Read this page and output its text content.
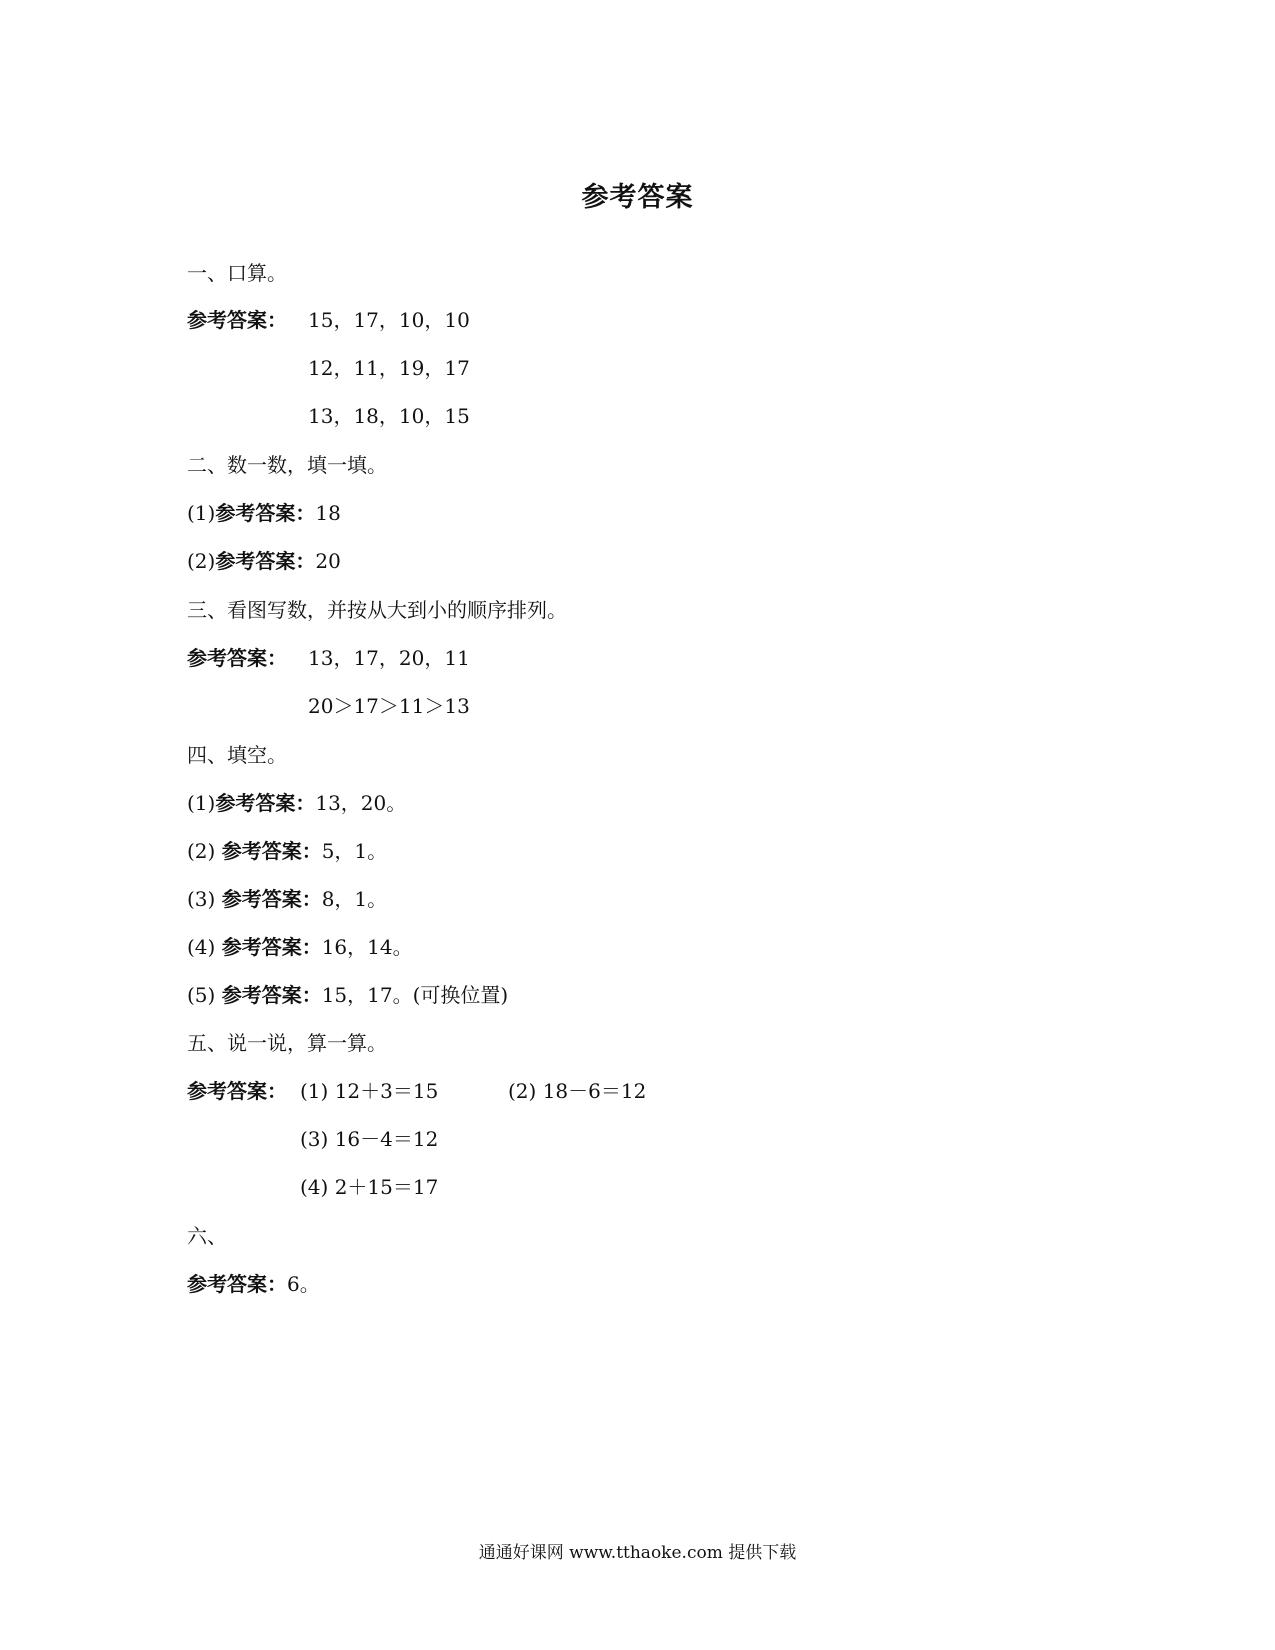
参考答案
一、口算。
参考答案： 15，17，10，10
12，11，19，17
13，18，10，15
二、数一数，填一填。
(1)参考答案：18
(2)参考答案：20
三、看图写数，并按从大到小的顺序排列。
参考答案： 13，17，20，11
20＞17＞11＞13
四、填空。
(1)参考答案：13，20。
(2) 参考答案：5，1。
(3) 参考答案：8，1。
(4) 参考答案：16，14。
(5) 参考答案：15，17。(可换位置)
五、说一说，算一算。
参考答案： (1) 12＋3＝15	(2) 18－6＝12
(3) 16－4＝12
(4) 2＋15＝17
六、
参考答案：6。
通通好课网 www.tthaoke.com 提供下载
